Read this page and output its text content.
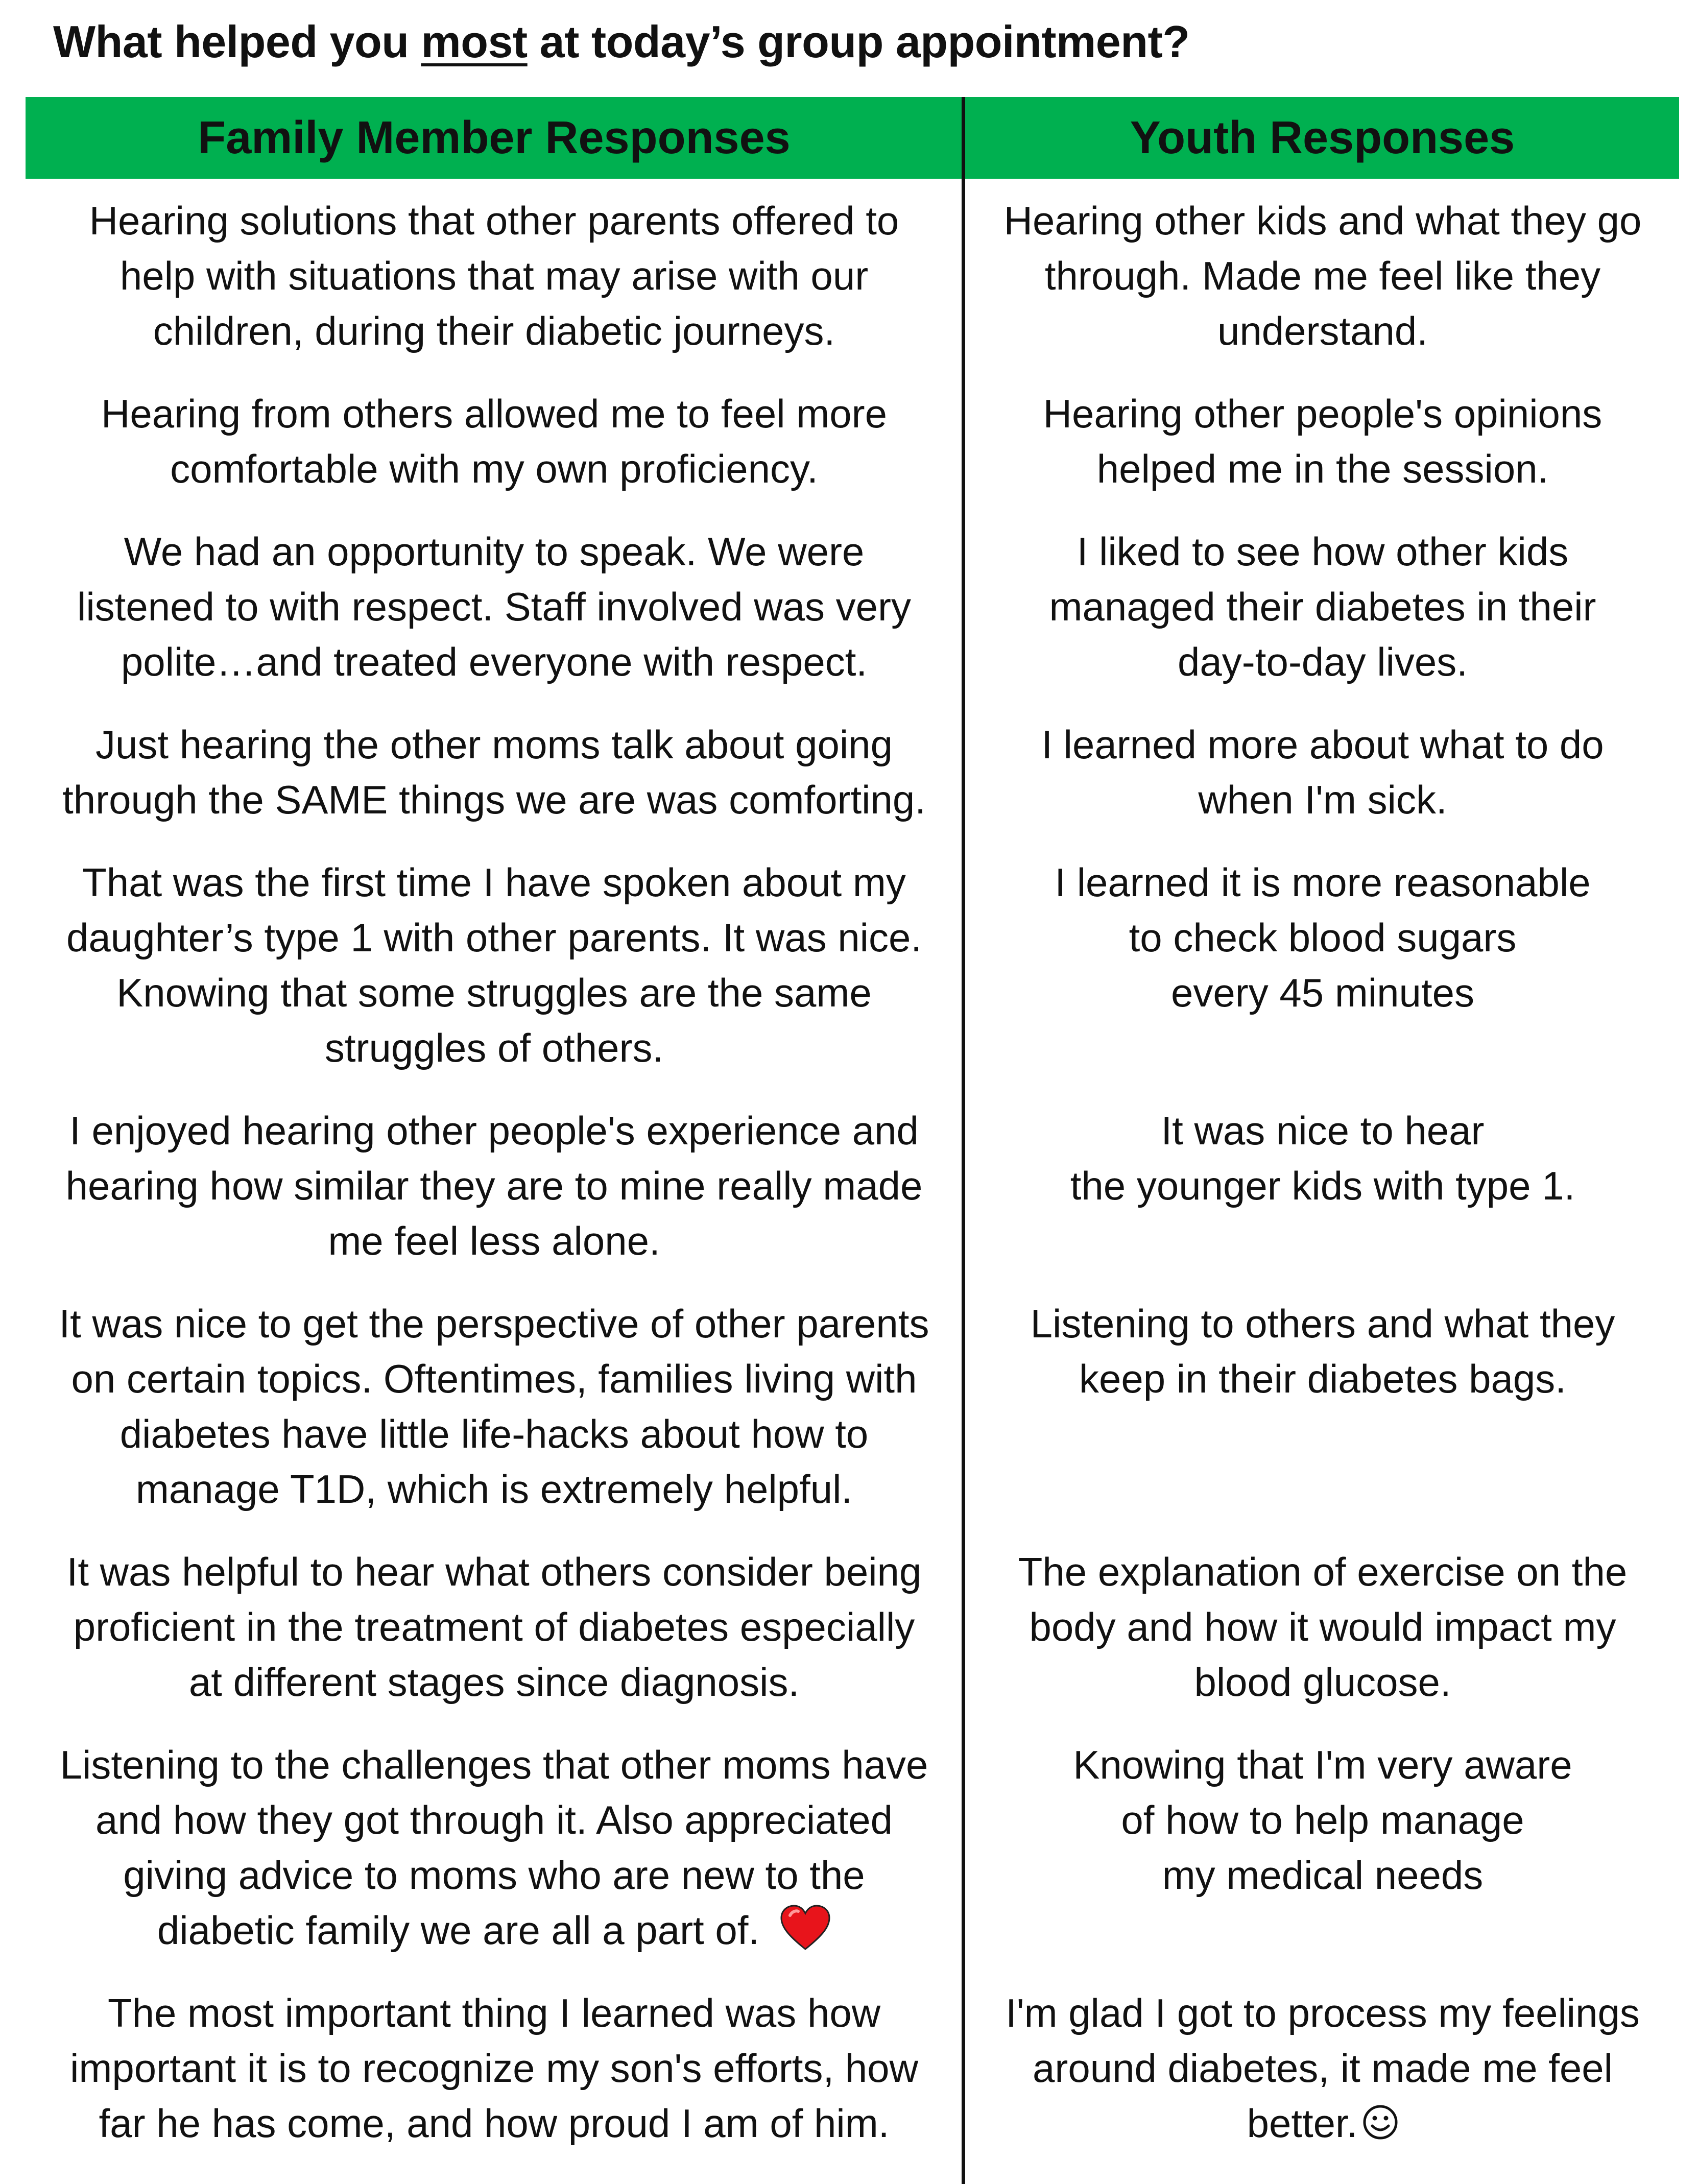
What helped you most at today’s group appointment?
Family Member Responses	Youth Responses

Hearing solutions that other parents offered to

help with situations that may arise with our

children, during their diabetic journeys.

Hearing from others allowed me to feel more

comfortable with my own proficiency.

We had an opportunity to speak. We were

listened to with respect. Staff involved was very

polite…and treated everyone with respect.

Just hearing the other moms talk about going

through the SAME things we are was comforting.

That was the first time I have spoken about my

daughter’s type 1 with other parents. It was nice.

Knowing that some struggles are the same

struggles of others.

I enjoyed hearing other people's experience and

hearing how similar they are to mine really made

me feel less alone.

It was nice to get the perspective of other parents

on certain topics. Oftentimes, families living with

diabetes have little life-hacks about how to

manage T1D, which is extremely helpful.

It was helpful to hear what others consider being

proficient in the treatment of diabetes especially

at different stages since diagnosis.

Listening to the challenges that other moms have

and how they got through it. Also appreciated

giving advice to moms who are new to the

diabetic family we are all a part of.

The most important thing I learned was how

important it is to recognize my son's efforts, how

far he has come, and how proud I am of him.

Hearing other kids and what they go

through. Made me feel like they

understand.

Hearing other people's opinions

helped me in the session.

I liked to see how other kids

managed their diabetes in their

day-to-day lives.

I learned more about what to do

when I'm sick.

I learned it is more reasonable

to check blood sugars

every 45 minutes

It was nice to hear

the younger kids with type 1.

Listening to others and what they

keep in their diabetes bags.

The explanation of exercise on the

body and how it would impact my

blood glucose.

Knowing that I'm very aware

of how to help manage

my medical needs

I'm glad I got to process my feelings

around diabetes, it made me feel

better.
